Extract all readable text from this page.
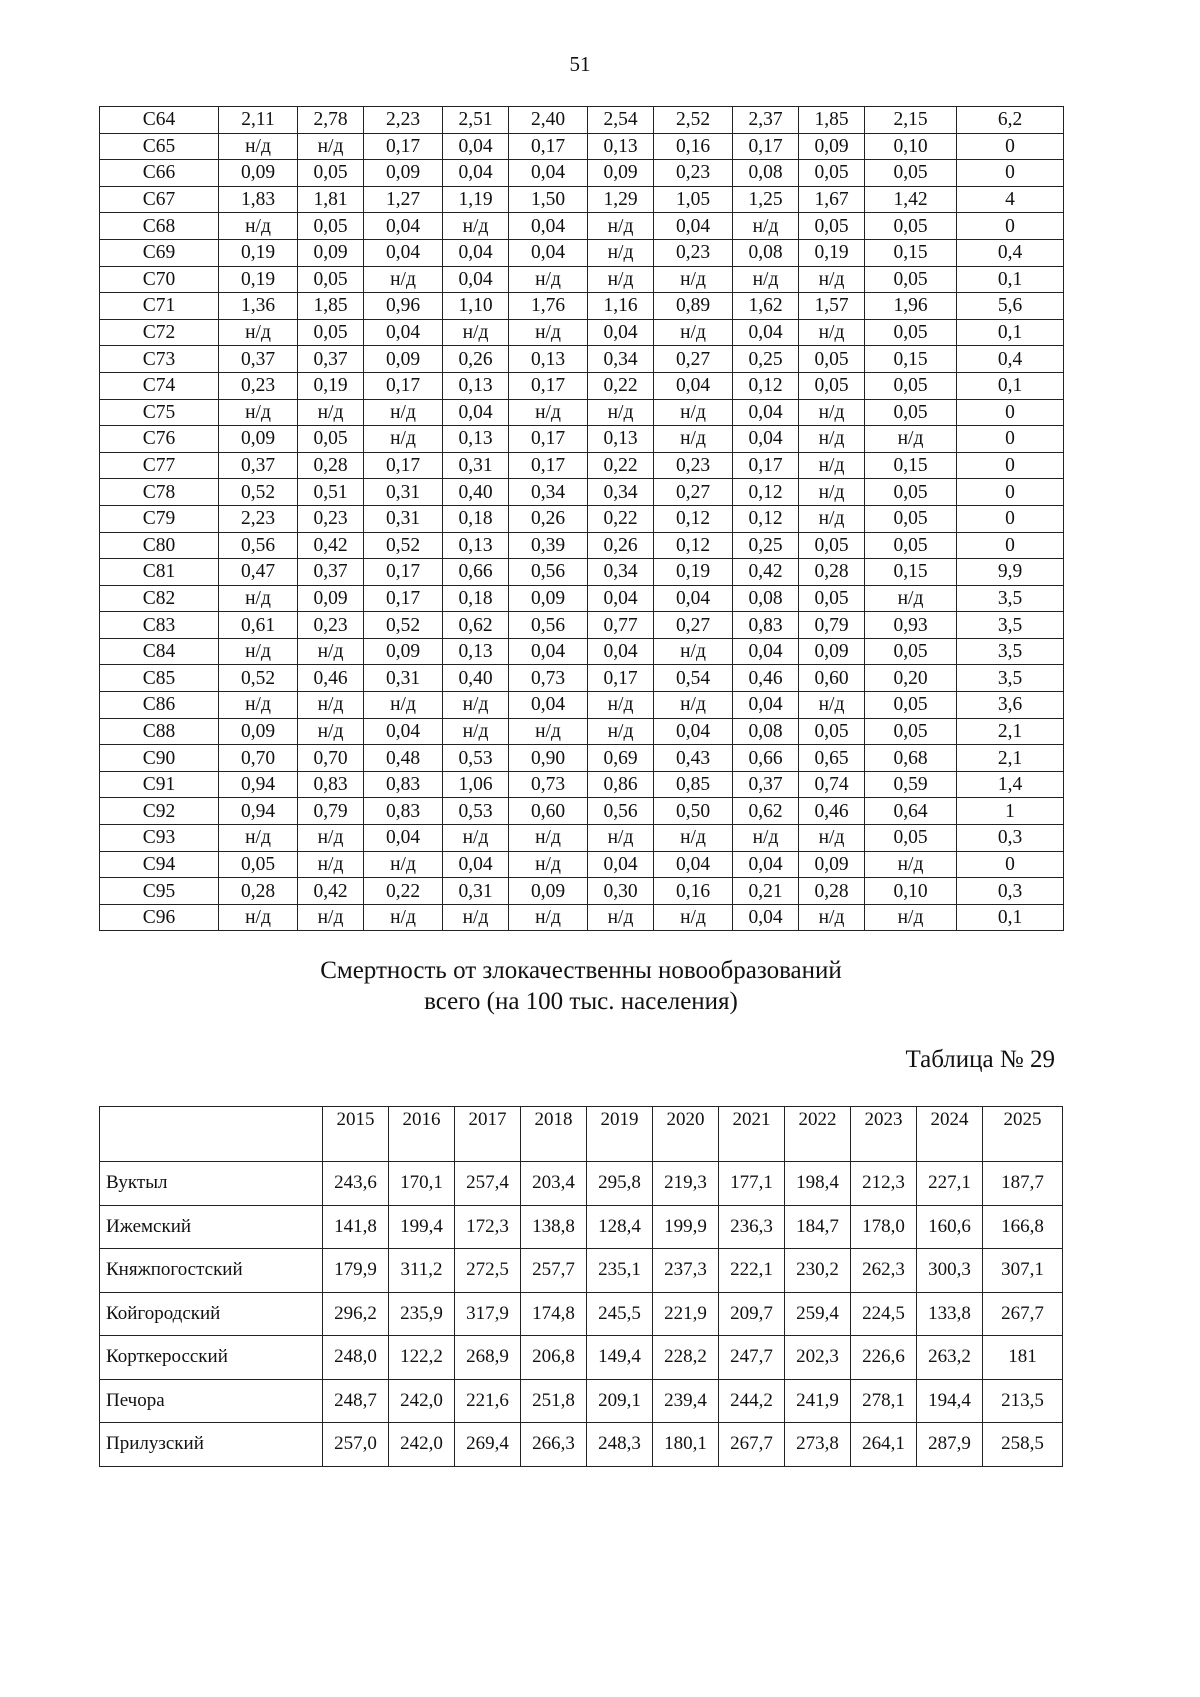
51
C64	2,11	2,78	2,23	2,51	2,40	2,54	2,52	2,37	1,85	2,15	6,2
C65	н/д	н/д	0,17	0,04	0,17	0,13	0,16	0,17	0,09	0,10	0
C66	0,09	0,05	0,09	0,04	0,04	0,09	0,23	0,08	0,05	0,05	0
C67	1,83	1,81	1,27	1,19	1,50	1,29	1,05	1,25	1,67	1,42	4
C68	н/д	0,05	0,04	н/д	0,04	н/д	0,04	н/д	0,05	0,05	0
C69	0,19	0,09	0,04	0,04	0,04	н/д	0,23	0,08	0,19	0,15	0,4
C70	0,19	0,05	н/д	0,04	н/д	н/д	н/д	н/д	н/д	0,05	0,1
C71	1,36	1,85	0,96	1,10	1,76	1,16	0,89	1,62	1,57	1,96	5,6
C72	н/д	0,05	0,04	н/д	н/д	0,04	н/д	0,04	н/д	0,05	0,1
C73	0,37	0,37	0,09	0,26	0,13	0,34	0,27	0,25	0,05	0,15	0,4
C74	0,23	0,19	0,17	0,13	0,17	0,22	0,04	0,12	0,05	0,05	0,1
C75	н/д	н/д	н/д	0,04	н/д	н/д	н/д	0,04	н/д	0,05	0
C76	0,09	0,05	н/д	0,13	0,17	0,13	н/д	0,04	н/д	н/д	0
C77	0,37	0,28	0,17	0,31	0,17	0,22	0,23	0,17	н/д	0,15	0
C78	0,52	0,51	0,31	0,40	0,34	0,34	0,27	0,12	н/д	0,05	0
C79	2,23	0,23	0,31	0,18	0,26	0,22	0,12	0,12	н/д	0,05	0
C80	0,56	0,42	0,52	0,13	0,39	0,26	0,12	0,25	0,05	0,05	0
C81	0,47	0,37	0,17	0,66	0,56	0,34	0,19	0,42	0,28	0,15	9,9
C82	н/д	0,09	0,17	0,18	0,09	0,04	0,04	0,08	0,05	н/д	3,5
C83	0,61	0,23	0,52	0,62	0,56	0,77	0,27	0,83	0,79	0,93	3,5
C84	н/д	н/д	0,09	0,13	0,04	0,04	н/д	0,04	0,09	0,05	3,5
C85	0,52	0,46	0,31	0,40	0,73	0,17	0,54	0,46	0,60	0,20	3,5
C86	н/д	н/д	н/д	н/д	0,04	н/д	н/д	0,04	н/д	0,05	3,6
C88	0,09	н/д	0,04	н/д	н/д	н/д	0,04	0,08	0,05	0,05	2,1
C90	0,70	0,70	0,48	0,53	0,90	0,69	0,43	0,66	0,65	0,68	2,1
C91	0,94	0,83	0,83	1,06	0,73	0,86	0,85	0,37	0,74	0,59	1,4
C92	0,94	0,79	0,83	0,53	0,60	0,56	0,50	0,62	0,46	0,64	1
C93	н/д	н/д	0,04	н/д	н/д	н/д	н/д	н/д	н/д	0,05	0,3
C94	0,05	н/д	н/д	0,04	н/д	0,04	0,04	0,04	0,09	н/д	0
C95	0,28	0,42	0,22	0,31	0,09	0,30	0,16	0,21	0,28	0,10	0,3
C96	н/д	н/д	н/д	н/д	н/д	н/д	н/д	0,04	н/д	н/д	0,1
Смертность от злокачественны новообразований
всего (на 100 тыс. населения)
Таблица № 29
	2015	2016	2017	2018	2019	2020	2021	2022	2023	2024	2025
Вуктыл	243,6	170,1	257,4	203,4	295,8	219,3	177,1	198,4	212,3	227,1	187,7
Ижемский	141,8	199,4	172,3	138,8	128,4	199,9	236,3	184,7	178,0	160,6	166,8
Княжпогостский	179,9	311,2	272,5	257,7	235,1	237,3	222,1	230,2	262,3	300,3	307,1
Койгородский	296,2	235,9	317,9	174,8	245,5	221,9	209,7	259,4	224,5	133,8	267,7
Корткеросский	248,0	122,2	268,9	206,8	149,4	228,2	247,7	202,3	226,6	263,2	181
Печора	248,7	242,0	221,6	251,8	209,1	239,4	244,2	241,9	278,1	194,4	213,5
Прилузский	257,0	242,0	269,4	266,3	248,3	180,1	267,7	273,8	264,1	287,9	258,5
